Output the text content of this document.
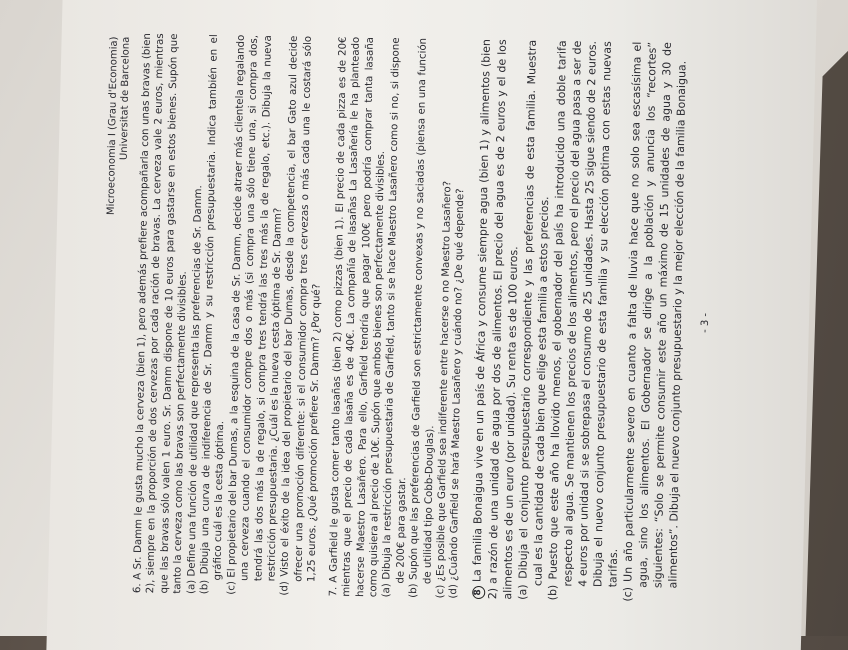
Microeconomia I (Grau d'Economia)
Universitat de Barcelona 6. A Sr. Damm le gusta mucho la cerveza (bien 1), pero además prefiere acompañarla con unas bravas (bien 2), siempre en la proporción de dos cervezas por cada ración de bravas. La cerveza vale 2 euros, mientras que las bravas sólo valen 1 euro. Sr. Damm dispone de 10 euros para gastarse en estos bienes. Supón que tanto la cerveza como las bravas son perfectamente divisibles.
(a) Define una función de utilidad que representa las preferencias de Sr. Damm.
(b) Dibuja una curva de indiferencia de Sr. Damm y su restricción presupuestaria. Indica también en el gráfico cuál es la cesta óptima. (c) El propietario del bar Dumas, a la esquina de la casa de Sr. Damm, decide atraer más clientela regalando una cerveza cuando el consumidor compre dos o más (si compra una sólo tiene una, si compra dos, tendrá las dos más la de regalo, si compra tres tendrá las tres más la de regalo, etc.). Dibuja la nueva restricción presupuestaria. ¿Cuál es la nueva cesta óptima de Sr. Damm?
(d) Visto el éxito de la idea del propietario del bar Dumas, desde la competencia, el bar Gato azul decide ofrecer una promoción diferente: si el consumidor compra tres cervezas o más cada una le costará sólo 1,25 euros. ¿Qué promoción prefiere Sr. Damm? ¿Por qué? 7. A Garfield le gusta comer tanto lasañas (bien 2) como pizzas (bien 1). El precio de cada pizza es de 20€ mientras que el precio de cada lasaña es de 40€. La compañía de lasañas La Lasañería le ha planteado hacerse Maestro Lasañero. Para ello, Garfield tendría que pagar 100€ pero podría comprar tanta lasaña como quisiera al precio de 10€. Supón que ambos bienes son perfectamente divisibles.
(a) Dibuja la restricción presupuestaria de Garfield, tanto si se hace Maestro Lasañero como si no, si dispone de 200€ para gastar. (b) Supón que las preferencias de Garfield son estrictamente convexas y no saciadas (piensa en una función de utilidad tipo Cobb-Douglas). (c) ¿Es posible que Garfield sea indiferente entre hacerse o no Maestro Lasañero?
(d) ¿Cuándo Garfield se hará Maestro Lasañero y cuándo no? ¿De qué depende? 8 La familia Bonaigua vive en un país de África y consume siempre agua (bien 1) y alimentos (bien 2) a razón de una unidad de agua por dos de alimentos. El precio del agua es de 2 euros y el de los alimentos es de un euro (por unidad). Su renta es de 100 euros.
(a) Dibuja el conjunto presupuestario correspondiente y las preferencias de esta familia. Muestra cual es la cantidad de cada bien que elige esta familia a estos precios.
(b) Puesto que este año ha llovido menos, el gobernador del país ha introducido una doble tarifa respecto al agua. Se mantienen los precios de los alimentos, pero el precio del agua pasa a ser de 4 euros por unidad si se sobrepasa el consumo de 25 unidades. Hasta 25 sigue siendo de 2 euros. Dibuja el nuevo conjunto presupuestario de esta familia y su elección optima con estas nuevas tarifas. (c) Un año particularmente severo en cuanto a falta de lluvia hace que no solo sea escasísima el agua, sino los alimentos. El Gobernador se dirige a la población y anuncia los “recortes” siguientes: “Solo se permite consumir este año un máximo de 15 unidades de agua y 30 de alimentos”. Dibuja el nuevo conjunto presupuestario y la mejor elección de la familia Bonaigua.	- 3 -
